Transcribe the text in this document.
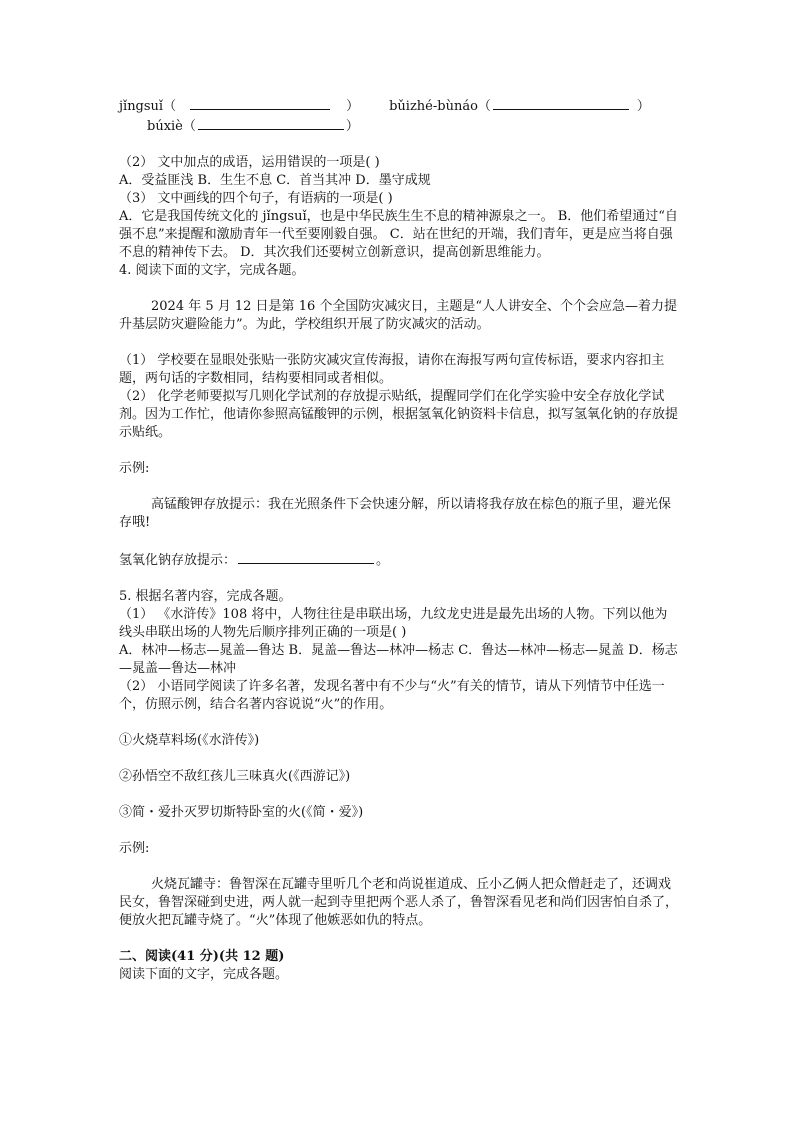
jǐngsuǐ（	） bǔizhé-bùnáo（	）
búxiè（	）

（2） 文中加点的成语，运用错误的一项是( )

A．受益匪浅 B．生生不息 C．首当其冲 D．墨守成规

（3） 文中画线的四个句子，有语病的一项是( )

A．它是我国传统文化的 jǐngsuǐ，也是中华民族生生不息的精神源泉之一。 B．他们希望通过“自强不息”来提醒和激励青年一代至要刚毅自强。 C．站在世纪的开端，我们青年，更是应当将自强不息的精神传下去。 D．其次我们还要树立创新意识，提高创新思维能力。

4. 阅读下面的文字，完成各题。

2024 年 5 月 12 日是第 16 个全国防灾减灾日，主题是“人人讲安全、个个会应急—着力提升基层防灾避险能力”。为此，学校组织开展了防灾减灾的活动。

（1） 学校要在显眼处张贴一张防灾减灾宣传海报，请你在海报写两句宣传标语，要求内容扣主题，两句话的字数相同，结构要相同或者相似。

（2） 化学老师要拟写几则化学试剂的存放提示贴纸，提醒同学们在化学实验中安全存放化学试剂。因为工作忙，他请你参照高锰酸钾的示例，根据氢氧化钠资料卡信息，拟写氢氧化钠的存放提示贴纸。

示例:

高锰酸钾存放提示：我在光照条件下会快速分解，所以请将我存放在棕色的瓶子里，避光保存哦!

氢氧化钠存放提示：	。

5. 根据名著内容，完成各题。

（1） 《水浒传》108 将中，人物往往是串联出场，九纹龙史进是最先出场的人物。下列以他为线头串联出场的人物先后顺序排列正确的一项是( )

A．林冲—杨志—晁盖—鲁达 B．晁盖—鲁达—林冲—杨志 C．鲁达—林冲—杨志—晁盖 D．杨志—晁盖—鲁达—林冲

（2） 小语同学阅读了许多名著，发现名著中有不少与“火”有关的情节，请从下列情节中任选一个，仿照示例，结合名著内容说说“火”的作用。

①火烧草料场(《水浒传》)

②孙悟空不敌红孩儿三味真火(《西游记》)

③简・爱扑灭罗切斯特卧室的火(《简・爱》)

示例:

火烧瓦罐寺：鲁智深在瓦罐寺里听几个老和尚说崔道成、丘小乙俩人把众僧赶走了，还调戏民女，鲁智深碰到史进，两人就一起到寺里把两个恶人杀了，鲁智深看见老和尚们因害怕自杀了，便放火把瓦罐寺烧了。“火”体现了他嫉恶如仇的特点。

二、阅读(41 分)(共 12 题)

阅读下面的文字，完成各题。
